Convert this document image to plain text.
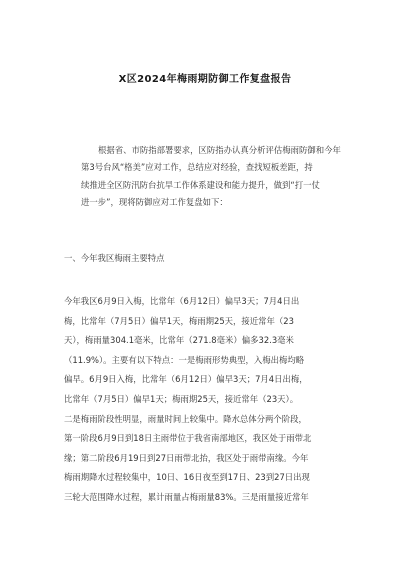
X区2024年梅雨期防御工作复盘报告
根据省、市防指部署要求，区防指办认真分析评估梅雨防御和今年
第3号台风“格美”应对工作，总结应对经验，查找短板差距，持
续推进全区防汛防台抗旱工作体系建设和能力提升，做到“打一仗
进一步”，现将防御应对工作复盘如下：
一、今年我区梅雨主要特点
今年我区6月9日入梅，比常年（6月12日）偏早3天；7月4日出
梅，比常年（7月5日）偏早1天，梅雨期25天，接近常年（23
天），梅雨量304.1毫米，比常年（271.8毫米）偏多32.3毫米
（11.9%）。主要有以下特点：一是梅雨形势典型，入梅出梅均略
偏早。6月9日入梅，比常年（6月12日）偏早3天；7月4日出梅，
比常年（7月5日）偏早1天；梅雨期25天，接近常年（23天）。
二是梅雨阶段性明显，雨量时间上较集中。降水总体分两个阶段，
第一阶段6月9日到18日主雨带位于我省南部地区，我区处于雨带北
缘；第二阶段6月19日到27日雨带北抬，我区处于雨带南缘。今年
梅雨期降水过程较集中，10日、16日夜至到17日、23到27日出现
三轮大范围降水过程，累计雨量占梅雨量83%。三是雨量接近常年
